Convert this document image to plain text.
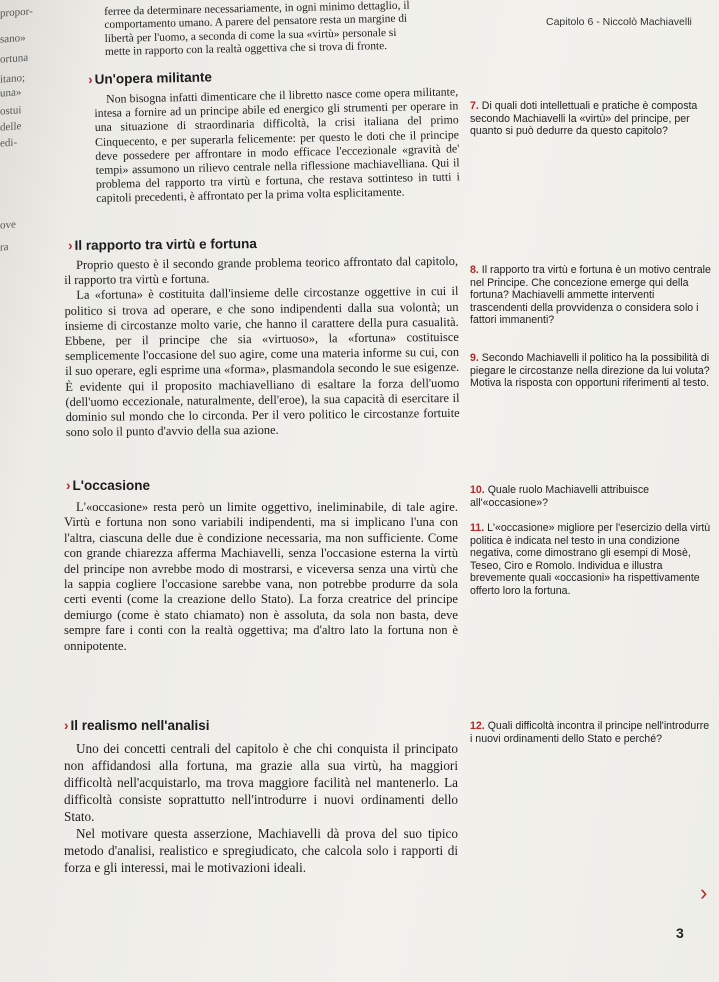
Capitolo 6 - Niccolò Machiavelli
propor-
sano»
ortuna
itano;
una»
ostui
delle
edi-
ove
ra

ferree da determinare necessariamente, in ogni minimo dettaglio, il

comportamento umano. A parere del pensatore resta un margine di

libertà per l'uomo, a seconda di come la sua «virtù» personale si

mette in rapporto con la realtà oggettiva che si trova di fronte.

› Un'opera militante

Non bisogna infatti dimenticare che il libretto nasce come opera militante, intesa a fornire ad un principe abile ed energico gli strumenti per operare in una situazione di straordinaria difficoltà, la crisi italiana del primo Cinquecento, e per superarla felicemente: per questo le doti che il principe deve possedere per affrontare in modo efficace l'eccezionale «gravità de' tempi» assumono un rilievo centrale nella riflessione machiavelliana. Qui il problema del rapporto tra virtù e fortuna, che restava sottinteso in tutti i capitoli precedenti, è affrontato per la prima volta esplicitamente.

7. Di quali doti intellettuali e pratiche è composta secondo Machiavelli la «virtù» del principe, per quanto si può dedurre da questo capitolo?

› Il rapporto tra virtù e fortuna

Proprio questo è il secondo grande problema teorico affrontato dal capitolo, il rapporto tra virtù e fortuna.

La «fortuna» è costituita dall'insieme delle circostanze oggettive in cui il politico si trova ad operare, e che sono indipendenti dalla sua volontà; un insieme di circostanze molto varie, che hanno il carattere della pura casualità. Ebbene, per il principe che sia «virtuoso», la «fortuna» costituisce semplicemente l'occasione del suo agire, come una materia informe su cui, con il suo operare, egli esprime una «forma», plasmandola secondo le sue esigenze. È evidente qui il proposito machiavelliano di esaltare la forza dell'uomo (dell'uomo eccezionale, naturalmente, dell'eroe), la sua capacità di esercitare il dominio sul mondo che lo circonda. Per il vero politico le circostanze fortuite sono solo il punto d'avvio della sua azione.

8. Il rapporto tra virtù e fortuna è un motivo centrale nel Principe. Che concezione emerge qui della fortuna? Machiavelli ammette interventi trascendenti della provvidenza o considera solo i fattori immanenti?

9. Secondo Machiavelli il politico ha la possibilità di piegare le circostanze nella direzione da lui voluta? Motiva la risposta con opportuni riferimenti al testo.

› L'occasione

L'«occasione» resta però un limite oggettivo, ineliminabile, di tale agire. Virtù e fortuna non sono variabili indipendenti, ma si implicano l'una con l'altra, ciascuna delle due è condizione necessaria, ma non sufficiente. Come con grande chiarezza afferma Machiavelli, senza l'occasione esterna la virtù del principe non avrebbe modo di mostrarsi, e viceversa senza una virtù che la sappia cogliere l'occasione sarebbe vana, non potrebbe produrre da sola certi eventi (come la creazione dello Stato). La forza creatrice del principe demiurgo (come è stato chiamato) non è assoluta, da sola non basta, deve sempre fare i conti con la realtà oggettiva; ma d'altro lato la fortuna non è onnipotente.

10. Quale ruolo Machiavelli attribuisce all'«occasione»?

11. L'«occasione» migliore per l'esercizio della virtù politica è indicata nel testo in una condizione negativa, come dimostrano gli esempi di Mosè, Teseo, Ciro e Romolo. Individua e illustra brevemente quali «occasioni» ha rispettivamente offerto loro la fortuna.

› Il realismo nell'analisi

Uno dei concetti centrali del capitolo è che chi conquista il principato non affidandosi alla fortuna, ma grazie alla sua virtù, ha maggiori difficoltà nell'acquistarlo, ma trova maggiore facilità nel mantenerlo. La difficoltà consiste soprattutto nell'introdurre i nuovi ordinamenti dello Stato.

Nel motivare questa asserzione, Machiavelli dà prova del suo tipico metodo d'analisi, realistico e spregiudicato, che calcola solo i rapporti di forza e gli interessi, mai le motivazioni ideali.

12. Quali difficoltà incontra il principe nell'introdurre i nuovi ordinamenti dello Stato e perché?

›
3
